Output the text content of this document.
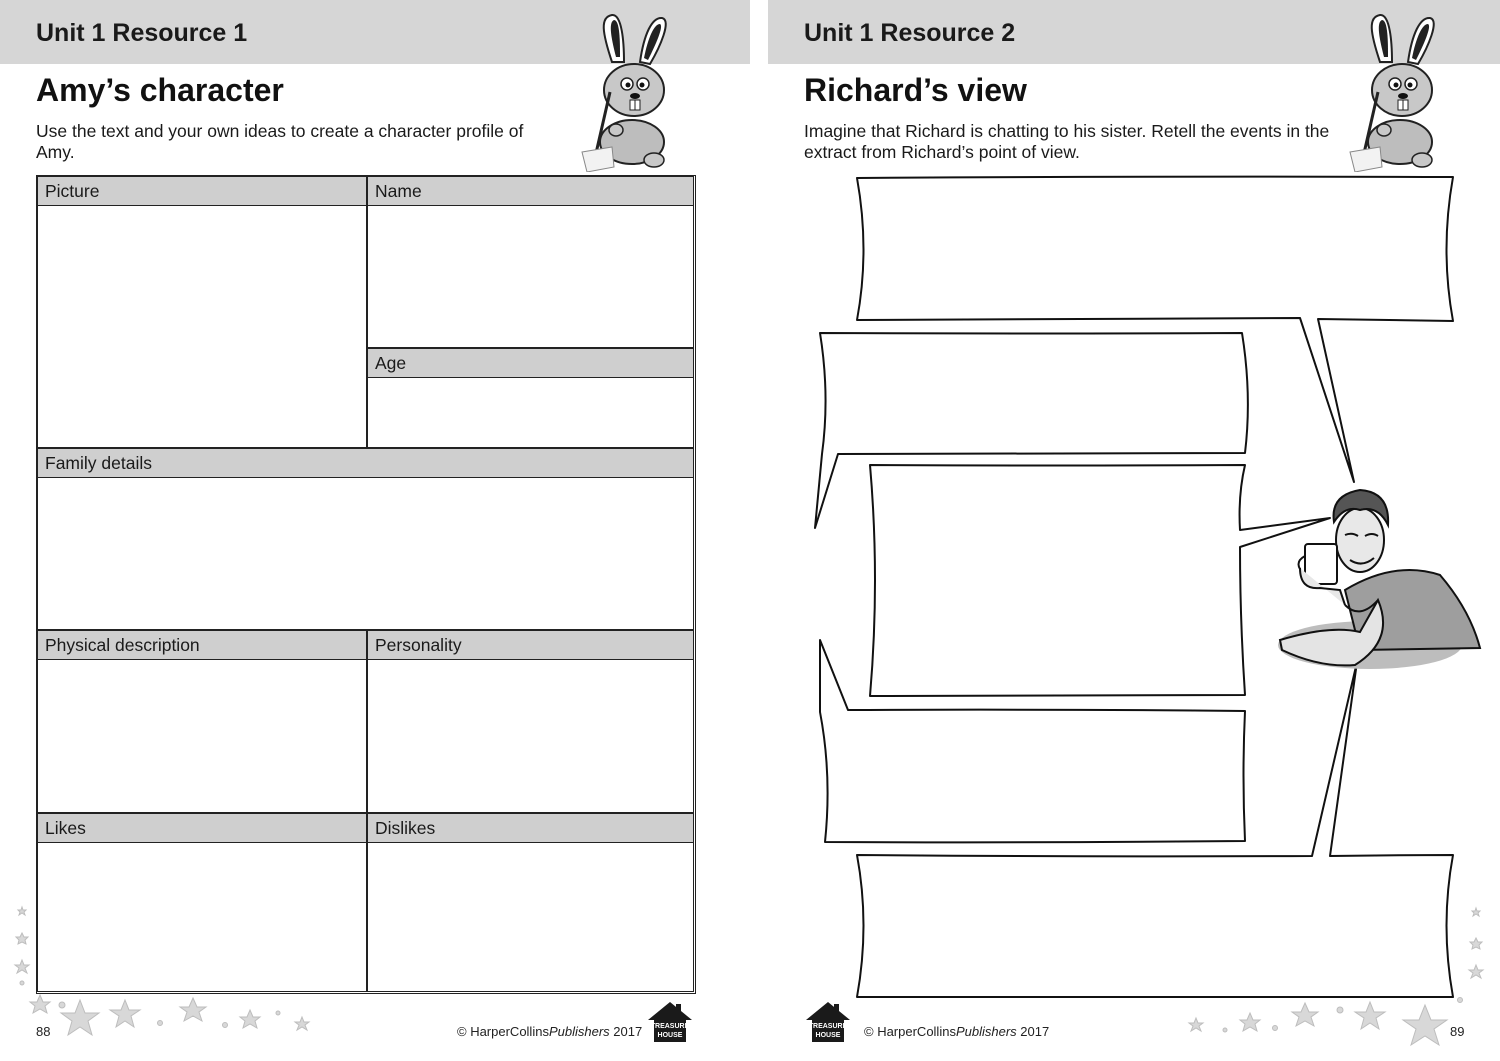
Unit 1 Resource 1
Amy’s character
Use the text and your own ideas to create a character profile of Amy.
Picture	Name
Age
Family details
Physical description	Personality
Likes	Dislikes
88	© HarperCollinsPublishers 2017 TREASURE
HOUSE
Unit 1 Resource 2
Richard’s view
Imagine that Richard is chatting to his sister. Retell the events in the extract from Richard’s point of view.
TREASURE
HOUSE © HarperCollinsPublishers 2017	89
